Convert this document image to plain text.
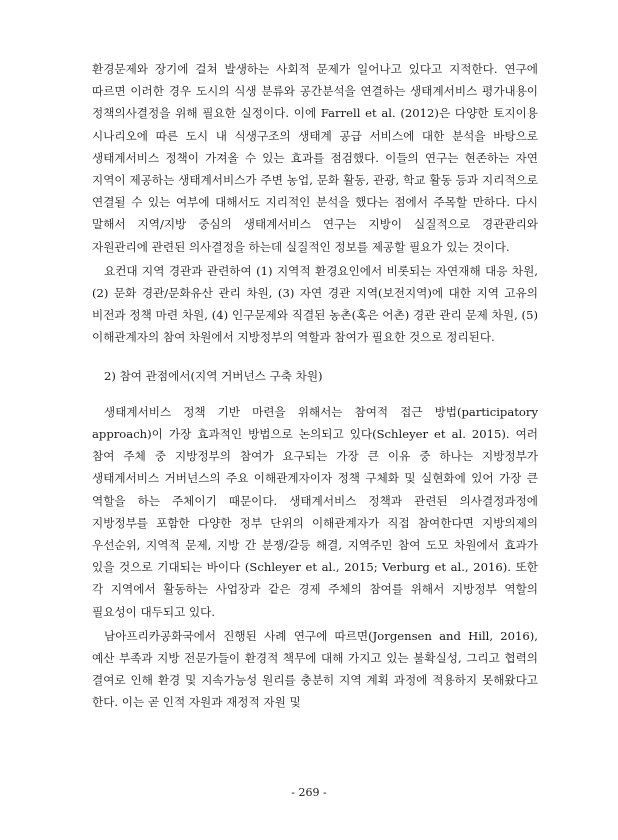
환경문제와 장기에 걸쳐 발생하는 사회적 문제가 일어나고 있다고 지적한다. 연구에 따르면 이러한 경우 도시의 식생 분류와 공간분석을 연결하는 생태계서비스 평가내용이 정책의사결정을 위해 필요한 실정이다. 이에 Farrell et al. (2012)은 다양한 토지이용 시나리오에 따른 도시 내 식생구조의 생태계 공급 서비스에 대한 분석을 바탕으로 생태계서비스 정책이 가져올 수 있는 효과를 점검했다. 이들의 연구는 현존하는 자연 지역이 제공하는 생태계서비스가 주변 농업, 문화 활동, 관광, 학교 활동 등과 지리적으로 연결될 수 있는 여부에 대해서도 지리적인 분석을 했다는 점에서 주목할 만하다. 다시 말해서 지역/지방 중심의 생태계서비스 연구는 지방이 실질적으로 경관관리와 자원관리에 관련된 의사결정을 하는데 실질적인 정보를 제공할 필요가 있는 것이다.

요컨대 지역 경관과 관련하여 (1) 지역적 환경요인에서 비롯되는 자연재해 대응 차원, (2) 문화 경관/문화유산 관리 차원, (3) 자연 경관 지역(보전지역)에 대한 지역 고유의 비전과 정책 마련 차원, (4) 인구문제와 직결된 농촌(혹은 어촌) 경관 관리 문제 차원, (5) 이해관계자의 참여 차원에서 지방정부의 역할과 참여가 필요한 것으로 정리된다.

2) 참여 관점에서(지역 거버넌스 구축 차원)

생태계서비스 정책 기반 마련을 위해서는 참여적 접근 방법(participatory approach)이 가장 효과적인 방법으로 논의되고 있다(Schleyer et al. 2015). 여러 참여 주체 중 지방정부의 참여가 요구되는 가장 큰 이유 중 하나는 지방정부가 생태계서비스 거버넌스의 주요 이해관계자이자 정책 구체화 및 실현화에 있어 가장 큰 역할을 하는 주체이기 때문이다. 생태계서비스 정책과 관련된 의사결정과정에 지방정부를 포함한 다양한 정부 단위의 이해관계자가 직접 참여한다면 지방의제의 우선순위, 지역적 문제, 지방 간 분쟁/갈등 해결, 지역주민 참여 도모 차원에서 효과가 있을 것으로 기대되는 바이다 (Schleyer et al., 2015; Verburg et al., 2016). 또한 각 지역에서 활동하는 사업장과 같은 경제 주체의 참여를 위해서 지방정부 역할의 필요성이 대두되고 있다.

남아프리카공화국에서 진행된 사례 연구에 따르면(Jorgensen and Hill, 2016), 예산 부족과 지방 전문가들이 환경적 책무에 대해 가지고 있는 불확실성, 그리고 협력의 결여로 인해 환경 및 지속가능성 원리를 충분히 지역 계획 과정에 적용하지 못해왔다고 한다. 이는 곧 인적 자원과 재정적 자원 및

- 269 -
